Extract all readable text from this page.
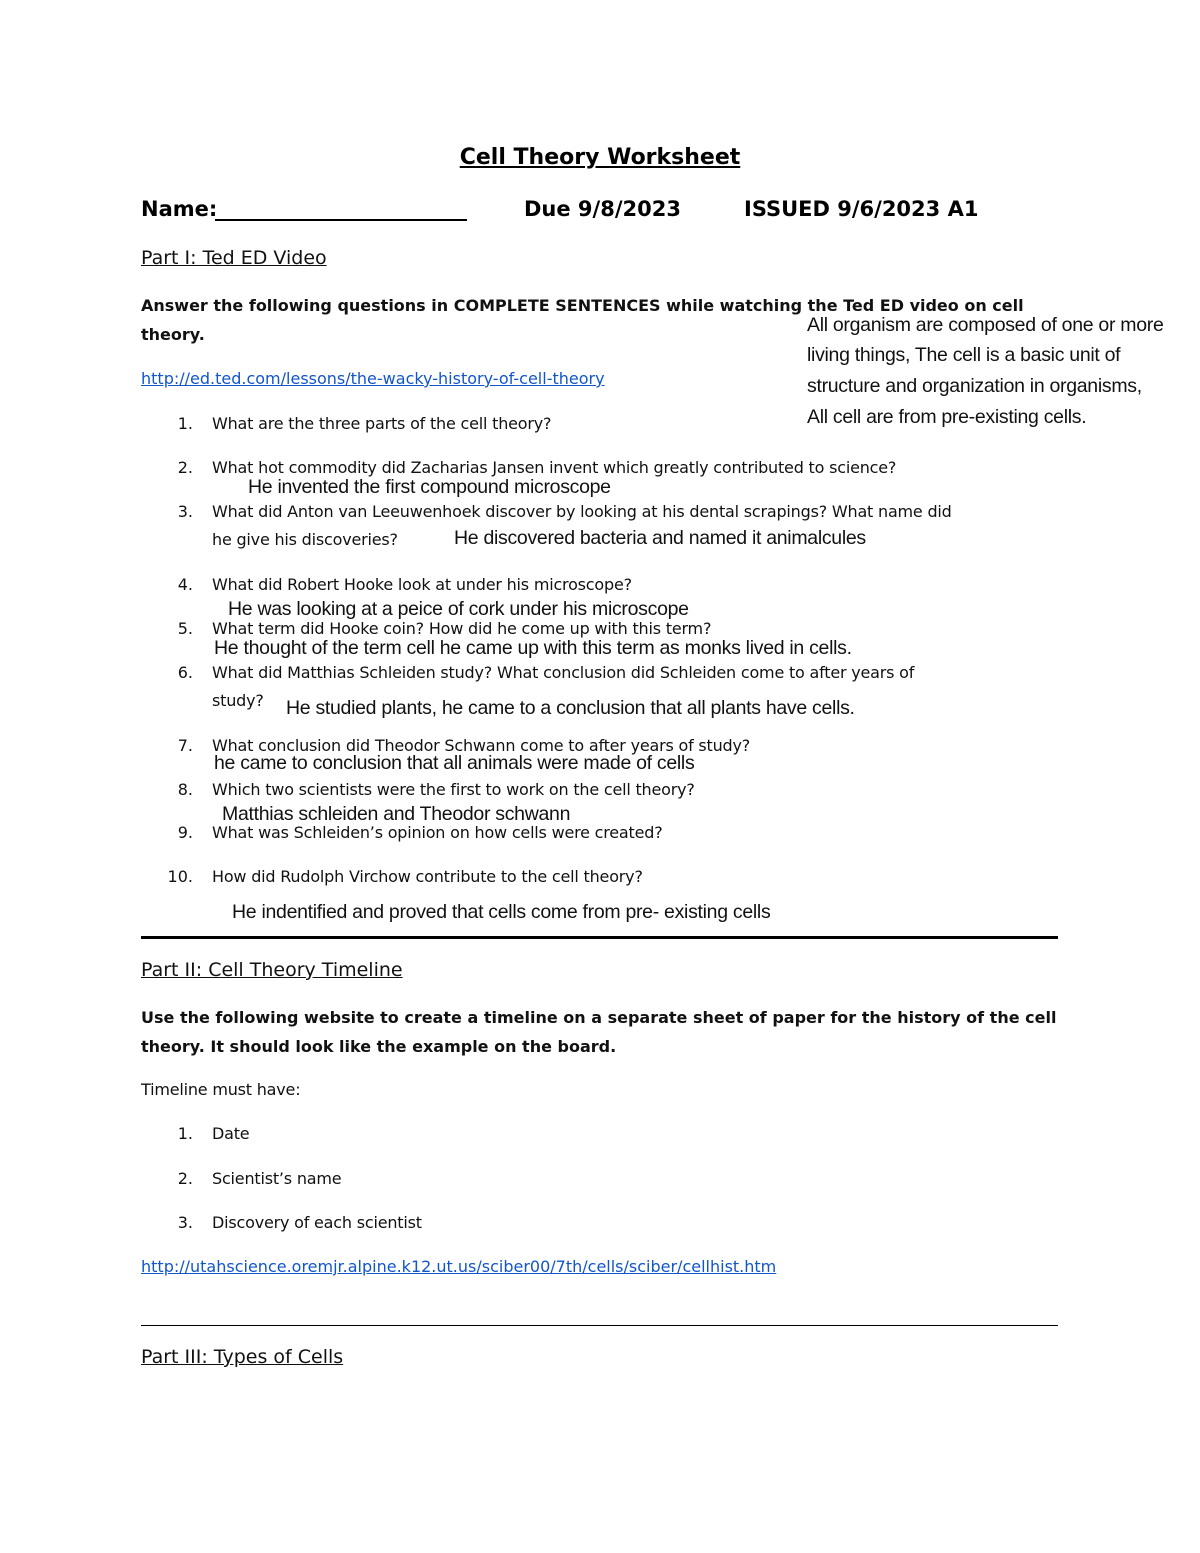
Cell Theory Worksheet
Name:
________________________	Due 9/8/2023	ISSUED 9/6/2023 A1
Part I: Ted ED Video
Answer the following questions in COMPLETE SENTENCES while watching the Ted ED video on cell
theory.
http://ed.ted.com/lessons/the-wacky-history-of-cell-theory
All organism are composed of one or more
living things, The cell is a basic unit of
structure and organization in organisms,
All cell are from pre-existing cells.
1. What are the three parts of the cell theory?
2. What hot commodity did Zacharias Jansen invent which greatly contributed to science?
He invented the first compound microscope
3. What did Anton van Leeuwenhoek discover by looking at his dental scrapings? What name did
he give his discoveries?	He discovered bacteria and named it animalcules
4. What did Robert Hooke look at under his microscope?
He was looking at a peice of cork under his microscope
5. What term did Hooke coin? How did he come up with this term?
He thought of the term cell he came up with this term as monks lived in cells.
6. What did Matthias Schleiden study? What conclusion did Schleiden come to after years of
study? He studied plants, he came to a conclusion that all plants have cells.
7. What conclusion did Theodor Schwann come to after years of study?
he came to conclusion that all animals were made of cells
8. Which two scientists were the first to work on the cell theory?
Matthias schleiden and Theodor schwann
9. What was Schleiden’s opinion on how cells were created?
10. How did Rudolph Virchow contribute to the cell theory?
He indentified and proved that cells come from pre- existing cells
Part II: Cell Theory Timeline
Use the following website to create a timeline on a separate sheet of paper for the history of the cell
theory. It should look like the example on the board.
Timeline must have:
1. Date
2. Scientist’s name
3. Discovery of each scientist
http://utahscience.oremjr.alpine.k12.ut.us/sciber00/7th/cells/sciber/cellhist.htm
Part III: Types of Cells
